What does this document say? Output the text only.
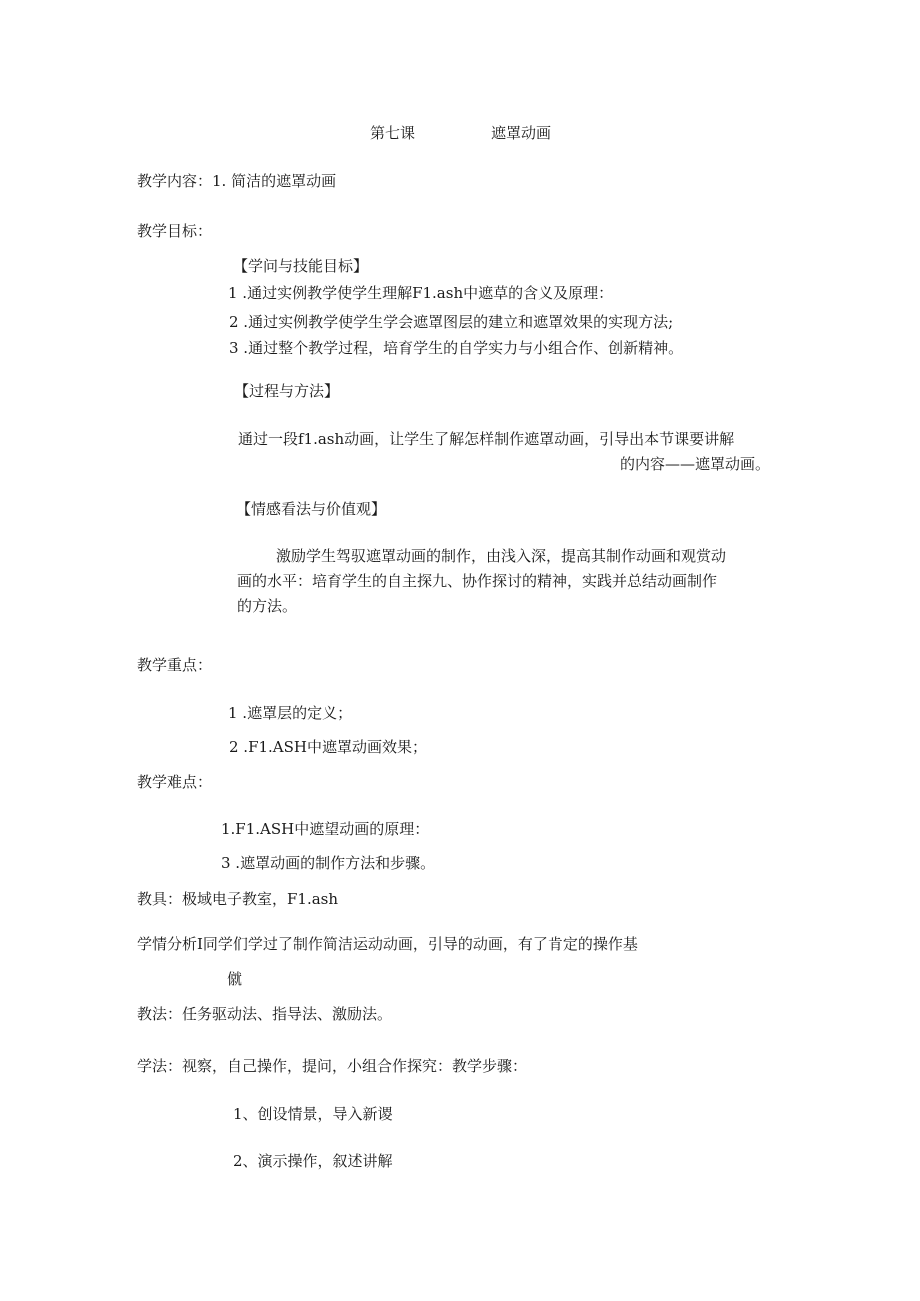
第七课	遮罩动画
教学内容：1. 简洁的遮罩动画
教学目标：
【学问与技能目标】
1 .通过实例教学使学生理解F1.ash中遮草的含义及原理：
2 .通过实例教学使学生学会遮罩图层的建立和遮罩效果的实现方法;
3 .通过整个教学过程，培育学生的自学实力与小组合作、创新精神。
【过程与方法】
通过一段f1.ash动画，让学生了解怎样制作遮罩动画，引导出本节课要讲解
的内容——遮罩动画。
【情感看法与价值观】
激励学生驾驭遮罩动画的制作，由浅入深，提高其制作动画和观赏动
画的水平：培育学生的自主探九、协作探讨的精神，实践并总结动画制作
的方法。
教学重点：
1 .遮罩层的定义；
2 .F1.ASH中遮罩动画效果；
教学难点：
1.F1.ASH中遮望动画的原理：
3 .遮罩动画的制作方法和步骤。
教具：极域电子教室，F1.ash
学情分析I同学们学过了制作简洁运动动画，引导的动画，有了肯定的操作基
僦
教法：任务驱动法、指导法、激励法。
学法：视察，自己操作，提问，小组合作探究：教学步骤：
1、创设情景，导入新谡
2、演示操作，叙述讲解
